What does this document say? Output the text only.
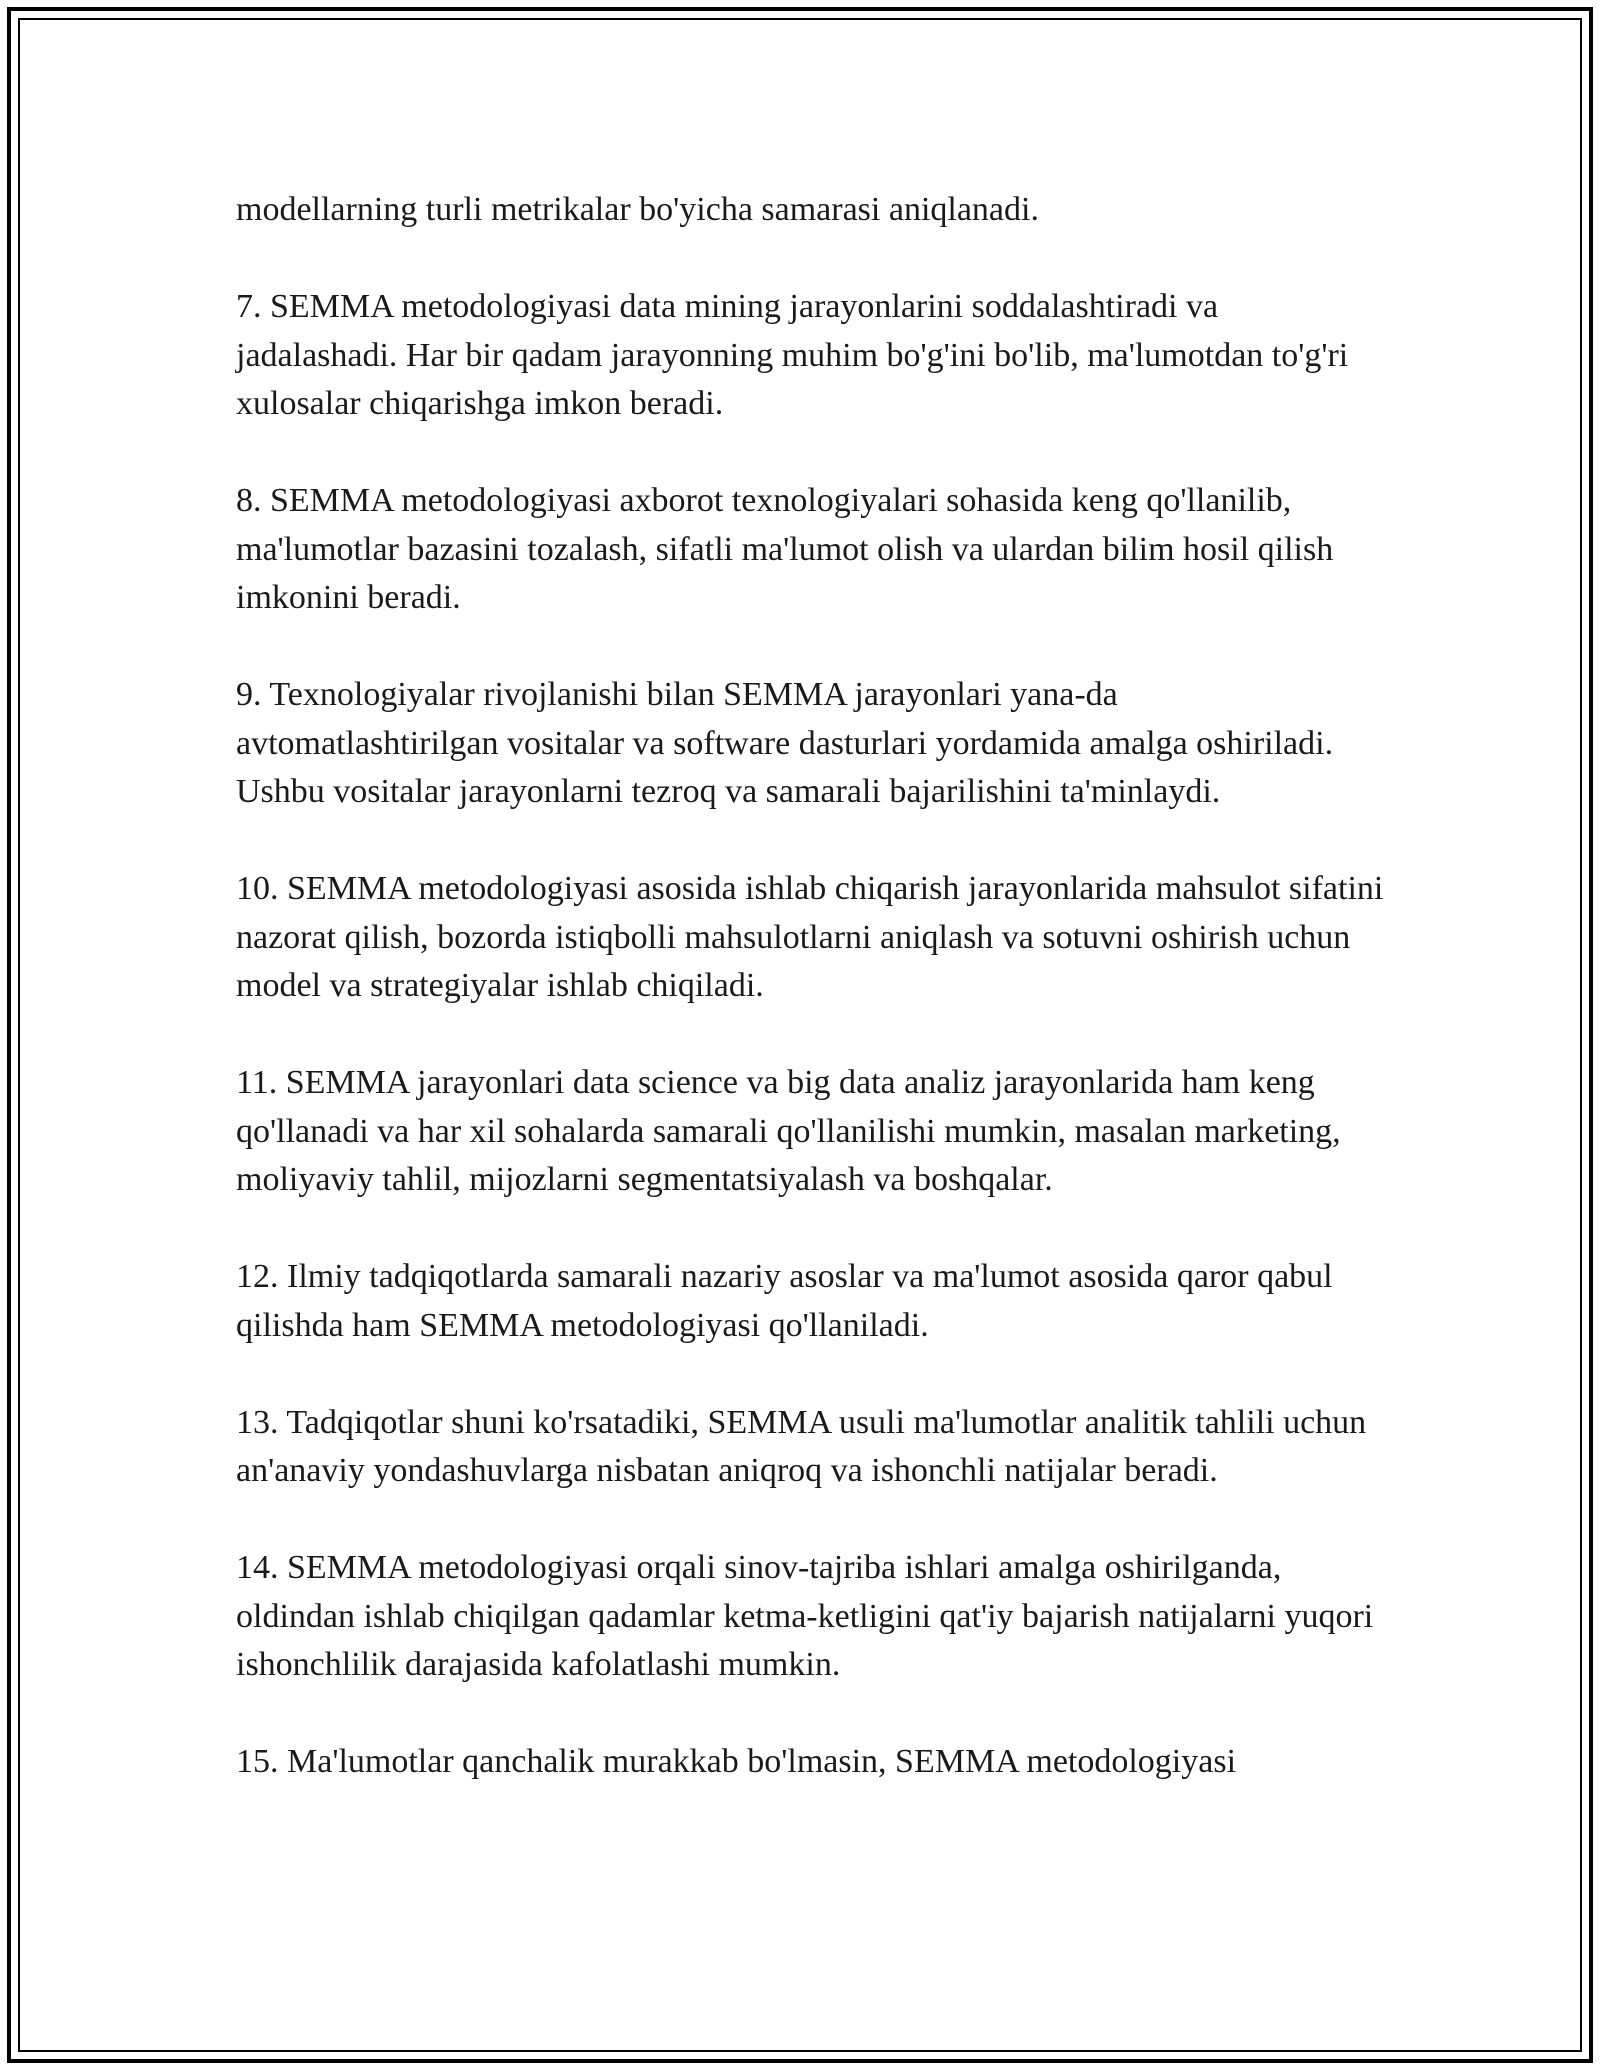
modellarning turli metrikalar bo'yicha samarasi aniqlanadi.

7. SEMMA metodologiyasi data mining jarayonlarini soddalashtiradi va jadalashadi. Har bir qadam jarayonning muhim bo'g'ini bo'lib, ma'lumotdan to'g'ri xulosalar chiqarishga imkon beradi.

8. SEMMA metodologiyasi axborot texnologiyalari sohasida keng qo'llanilib, ma'lumotlar bazasini tozalash, sifatli ma'lumot olish va ulardan bilim hosil qilish imkonini beradi.

9. Texnologiyalar rivojlanishi bilan SEMMA jarayonlari yana-da avtomatlashtirilgan vositalar va software dasturlari yordamida amalga oshiriladi. Ushbu vositalar jarayonlarni tezroq va samarali bajarilishini ta'minlaydi.

10. SEMMA metodologiyasi asosida ishlab chiqarish jarayonlarida mahsulot sifatini nazorat qilish, bozorda istiqbolli mahsulotlarni aniqlash va sotuvni oshirish uchun model va strategiyalar ishlab chiqiladi.

11. SEMMA jarayonlari data science va big data analiz jarayonlarida ham keng qo'llanadi va har xil sohalarda samarali qo'llanilishi mumkin, masalan marketing, moliyaviy tahlil, mijozlarni segmentatsiyalash va boshqalar.

12. Ilmiy tadqiqotlarda samarali nazariy asoslar va ma'lumot asosida qaror qabul qilishda ham SEMMA metodologiyasi qo'llaniladi.

13. Tadqiqotlar shuni ko'rsatadiki, SEMMA usuli ma'lumotlar analitik tahlili uchun an'anaviy yondashuvlarga nisbatan aniqroq va ishonchli natijalar beradi.

14. SEMMA metodologiyasi orqali sinov-tajriba ishlari amalga oshirilganda, oldindan ishlab chiqilgan qadamlar ketma-ketligini qat'iy bajarish natijalarni yuqori ishonchlilik darajasida kafolatlashi mumkin.

15. Ma'lumotlar qanchalik murakkab bo'lmasin, SEMMA metodologiyasi
